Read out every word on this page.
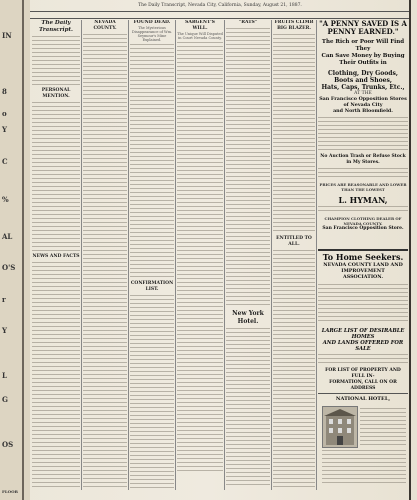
IN
8
o
Y
C
%
AL
O'S
r
Y
L
G
OS
FLOOR
The Daily Transcript, Nevada City, California, Sunday, August 21, 1887.
The Daily Transcript.
PERSONAL MENTION.
NEWS AND FACTS
NEVADA COUNTY.
FOUND DEAD.
The Mysterious Disappearance of Wm. Seymour's Mine Explained.
CONFIRMATION LIST.
SARGENT'S WILL.
The Unique Will Disputed in Court Nevada County.
"RATS"
New York Hotel.
FRUITS CLIMB BIG BLAZER.
ENTITLED TO ALL.
"A PENNY SAVED IS A
PENNY EARNED."
The Rich or Poor Will Find They
Can Save Money by Buying
Their Outfits in
Clothing, Dry Goods,
Boots and Shoes,
Hats, Caps, Trunks, Etc.,
AT THE
San Francisco Opposition Stores of Nevada City
and North Bloomfield.
No Auction Trash or Refuse Stock in My Stores.
PRICES ARE REASONABLE AND LOWER THAN THE LOWEST
L. HYMAN,
CHAMPION CLOTHING DEALER OF NEVADA COUNTY.
San Francisco Opposition Store.
To Home Seekers.
NEVADA COUNTY LAND AND IMPROVEMENT
ASSOCIATION.
LARGE LIST OF DESIRABLE HOMES
AND LANDS OFFERED FOR SALE
FOR LIST OF PROPERTY AND FULL IN-
FORMATION, CALL ON OR ADDRESS
NATIONAL HOTEL,
